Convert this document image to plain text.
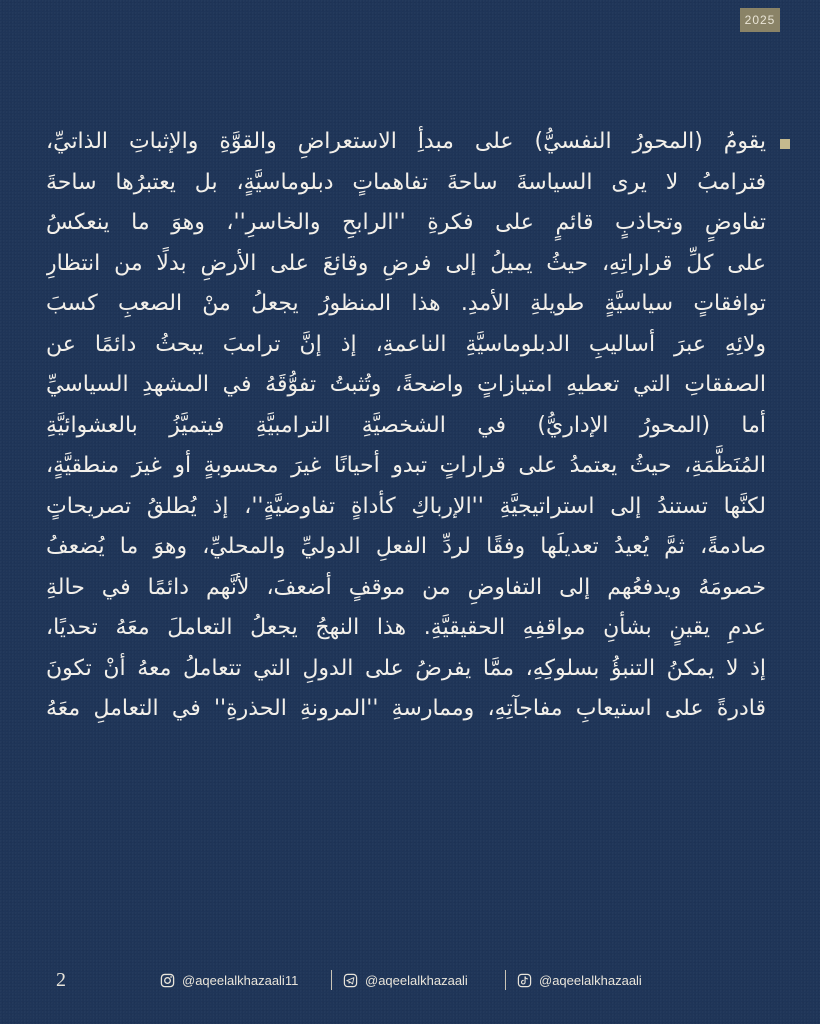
2025
يقومُ (المحورُ النفسيُّ) على مبدأِ الاستعراضِ والقوَّةِ والإثباتِ الذاتيِّ،
فترامبُ لا يرى السياسةَ ساحةَ تفاهماتٍ دبلوماسيَّةٍ، بل يعتبرُها ساحةَ
تفاوضٍ وتجاذبٍ قائمٍ على فكرةِ ''الرابحِ والخاسرِ''، وهوَ ما ينعكسُ
على كلِّ قراراتِهِ، حيثُ يميلُ إلى فرضِ وقائعَ على الأرضِ بدلًا من انتظارِ
توافقاتٍ سياسيَّةٍ طويلةِ الأمدِ. هذا المنظورُ يجعلُ منْ الصعبِ كسبَ
ولائِهِ عبرَ أساليبِ الدبلوماسيَّةِ الناعمةِ، إذ إنَّ ترامبَ يبحثُ دائمًا عن
الصفقاتِ التي تعطيهِ امتيازاتٍ واضحةً، وتُثبتُ تفوُّقَهُ في المشهدِ السياسيِّ
أما (المحورُ الإداريُّ) في الشخصيَّةِ الترامبيَّةِ فيتميَّزُ بالعشوائيَّةِ
المُنَظَّمَةِ، حيثُ يعتمدُ على قراراتٍ تبدو أحيانًا غيرَ محسوبةٍ أو غيرَ منطقيَّةٍ،
لكنَّها تستندُ إلى استراتيجيَّةِ ''الإرباكِ كأداةٍ تفاوضيَّةٍ''، إذ يُطلقُ تصريحاتٍ
صادمةً، ثمَّ يُعيدُ تعديلَها وفقًا لردِّ الفعلِ الدوليِّ والمحليِّ، وهوَ ما يُضعفُ
خصومَهُ ويدفعُهم إلى التفاوضِ من موقفٍ أضعفَ، لأنَّهم دائمًا في حالةِ
عدمِ يقينٍ بشأنِ مواقفِهِ الحقيقيَّةِ. هذا النهجُ يجعلُ التعاملَ معَهُ تحديًا،
إذ لا يمكنُ التنبؤُ بسلوكِهِ، ممَّا يفرضُ على الدولِ التي تتعاملُ معهُ أنْ تكونَ
قادرةً على استيعابِ مفاجآتِهِ، وممارسةِ ''المرونةِ الحذرةِ'' في التعاملِ معَهُ
2	@aqeelalkhazaali11	@aqeelalkhazaali	@aqeelalkhazaali
